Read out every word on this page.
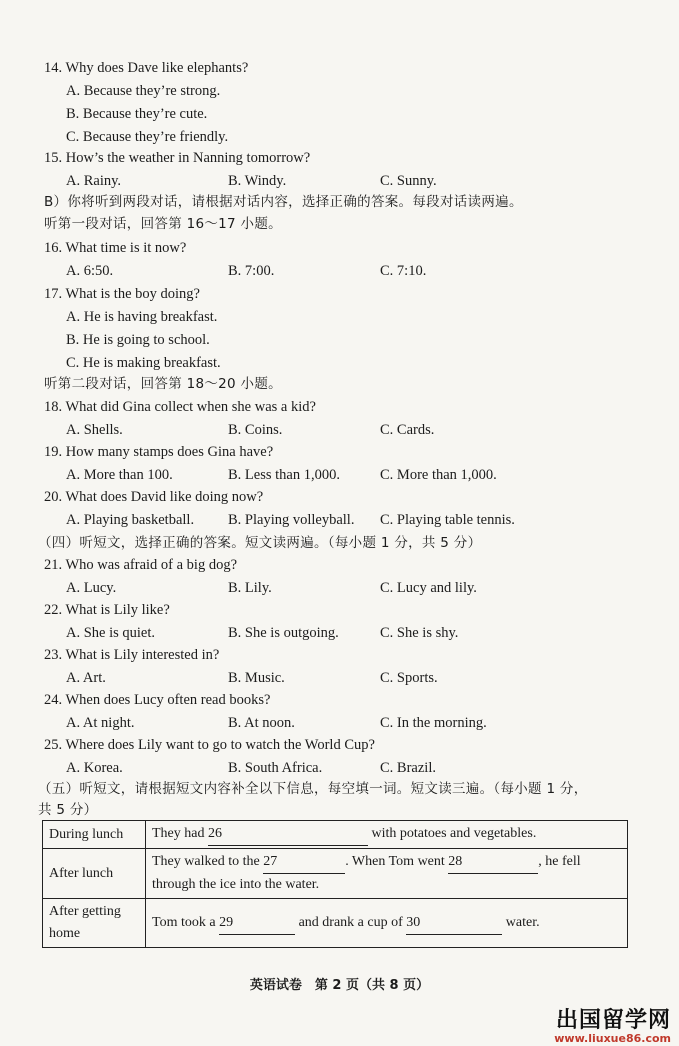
14. Why does Dave like elephants?
A. Because they’re strong.
B. Because they’re cute.
C. Because they’re friendly.
15. How’s the weather in Nanning tomorrow?
A. Rainy.	B. Windy.	C. Sunny.
16. What time is it now?
A. 6:50.	B. 7:00.	C. 7:10.
17. What is the boy doing?
A. He is having breakfast.
B. He is going to school.
C. He is making breakfast.
18. What did Gina collect when she was a kid?
A. Shells.	B. Coins.	C. Cards.
19. How many stamps does Gina have?
A. More than 100.	B. Less than 1,000.	C. More than 1,000.
20. What does David like doing now?
A. Playing basketball. B. Playing volleyball. C. Playing table tennis.
21. Who was afraid of a big dog?
A. Lucy.	B. Lily.	C. Lucy and lily.
22. What is Lily like?
A. She is quiet.	B. She is outgoing.	C. She is shy.
23. What is Lily interested in?
A. Art.	B. Music.	C. Sports.
24. When does Lucy often read books?
A. At night.	B. At noon.	C. In the morning.
25. Where does Lily want to go to watch the World Cup?
A. Korea.	B. South Africa.	C. Brazil.
B）你将听到两段对话，请根据对话内容，选择正确的答案。每段对话读两遍。
听第一段对话，回答第 16～17 小题。
听第二段对话，回答第 18～20 小题。
（四）听短文，选择正确的答案。短文读两遍。（每小题 1 分，共 5 分）
（五）听短文，请根据短文内容补全以下信息，每空填一词。短文读三遍。（每小题 1 分，
共 5 分）
During lunch	They had 26 with potatoes and vegetables.
After lunch	They walked to the 27 . When Tom went 28 , he fell
through the ice into the water.
After getting home	Tom took a 29 and drank a cup of 30 water.
英语试卷　第 2 页（共 8 页）
出国留学网
www.liuxue86.com
